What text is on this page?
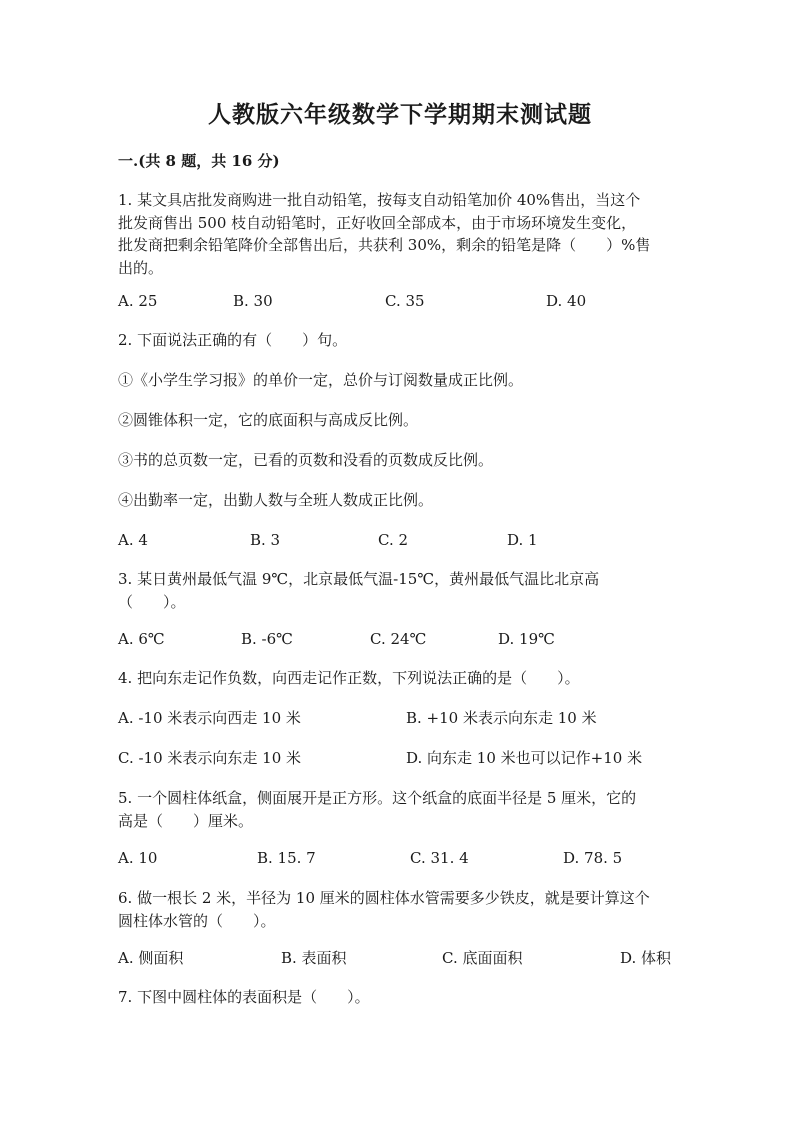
人教版六年级数学下学期期末测试题
一.(共 8 题，共 16 分)
1. 某文具店批发商购进一批自动铅笔，按每支自动铅笔加价 40%售出，当这个
批发商售出 500 枝自动铅笔时，正好收回全部成本，由于市场环境发生变化，
批发商把剩余铅笔降价全部售出后，共获利 30%，剩余的铅笔是降（　　）%售
出的。
A. 25	B. 30	C. 35	D. 40
2. 下面说法正确的有（　　）句。
①《小学生学习报》的单价一定，总价与订阅数量成正比例。
②圆锥体积一定，它的底面积与高成反比例。
③书的总页数一定，已看的页数和没看的页数成反比例。
④出勤率一定，出勤人数与全班人数成正比例。
A. 4	B. 3	C. 2	D. 1
3. 某日黄州最低气温 9℃，北京最低气温-15℃，黄州最低气温比北京高
（　　）。
A. 6℃	B. -6℃	C. 24℃	D. 19℃
4. 把向东走记作负数，向西走记作正数，下列说法正确的是（　　）。
A. -10 米表示向西走 10 米	B. +10 米表示向东走 10 米
C. -10 米表示向东走 10 米	D. 向东走 10 米也可以记作+10 米
5. 一个圆柱体纸盒，侧面展开是正方形。这个纸盒的底面半径是 5 厘米，它的
高是（　　）厘米。
A. 10	B. 15. 7	C. 31. 4	D. 78. 5
6. 做一根长 2 米，半径为 10 厘米的圆柱体水管需要多少铁皮，就是要计算这个
圆柱体水管的（　　）。
A. 侧面积	B. 表面积	C. 底面面积	D. 体积
7. 下图中圆柱体的表面积是（　　）。
